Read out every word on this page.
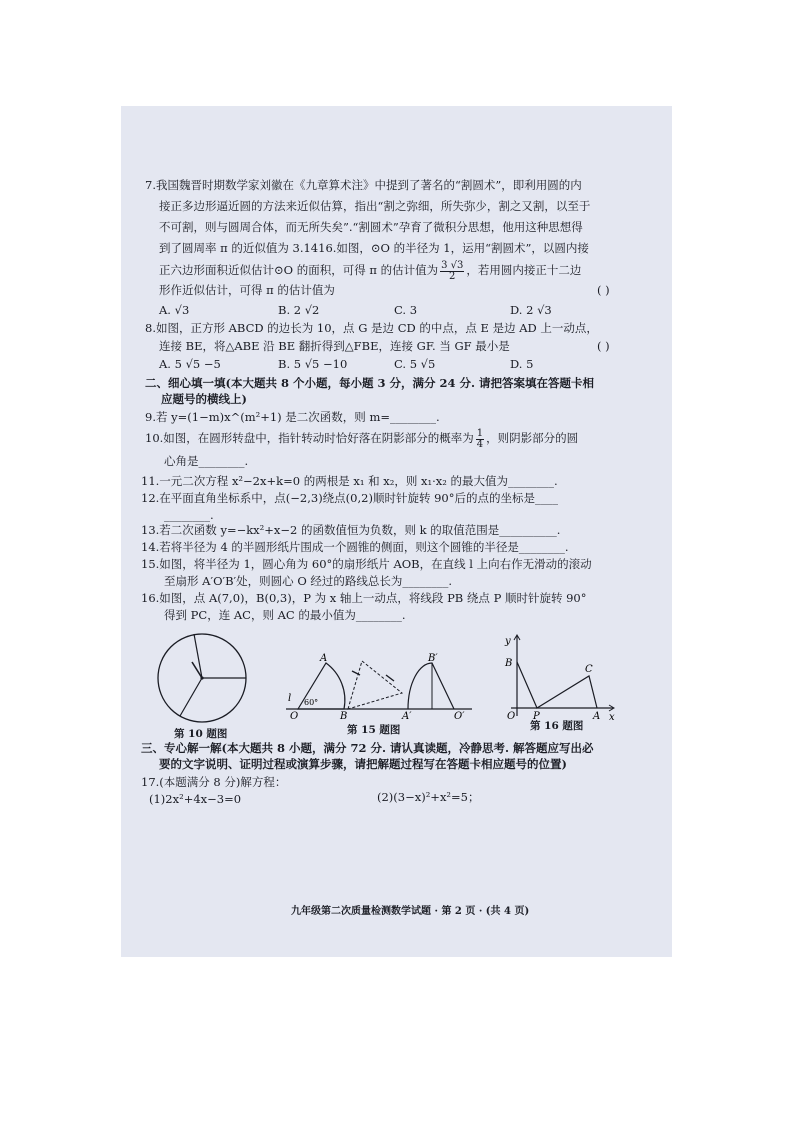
7.我国魏晋时期数学家刘徽在《九章算术注》中提到了著名的“割圆术”，即利用圆的内
接正多边形逼近圆的方法来近似估算，指出“割之弥细，所失弥少，割之又割，以至于
不可割，则与圆周合体，而无所失矣”.“割圆术”孕育了微积分思想，他用这种思想得
到了圆周率 π 的近似值为 3.1416.如图，⊙O 的半径为 1，运用“割圆术”，以圆内接
正六边形面积近似估计⊙O 的面积，可得 π 的估计值为 $\frac{3 √3}{2}$ ，若用圆内接正十二边
形作近似估计，可得 π 的估计值为	( )
A. √3	B. 2 √2	C. 3	D. 2 √3
8.如图，正方形 ABCD 的边长为 10，点 G 是边 CD 的中点，点 E 是边 AD 上一动点，
连接 BE，将△ABE 沿 BE 翻折得到△FBE，连接 GF. 当 GF 最小是	( )
A. 5 √5 −5	B. 5 √5 −10	C. 5 √5	D. 5
二、细心填一填(本大题共 8 个小题，每小题 3 分，满分 24 分. 请把答案填在答题卡相
应题号的横线上)
9.若 y=(1−m)x^(m²+1) 是二次函数，则 m=________.
10.如图，在圆形转盘中，指针转动时恰好落在阴影部分的概率为 $\frac{1}{4}$ ，则阴影部分的圆
心角是________.
11.一元二次方程 x²−2x+k=0 的两根是 x₁ 和 x₂，则 x₁·x₂ 的最大值为________.
12.在平面直角坐标系中，点(−2,3)绕点(0,2)顺时针旋转 90°后的点的坐标是____
________.
13.若二次函数 y=−kx²+x−2 的函数值恒为负数，则 k 的取值范围是__________.
14.若将半径为 4 的半圆形纸片围成一个圆锥的侧面，则这个圆锥的半径是________.
15.如图，将半径为 1，圆心角为 60°的扇形纸片 AOB，在直线 l 上向右作无滑动的滚动
至扇形 A′O′B′处，则圆心 O 经过的路线总长为________.
16.如图，点 A(7,0)，B(0,3)，P 为 x 轴上一动点，将线段 PB 绕点 P 顺时针旋转 90°
得到 PC，连 AC，则 AC 的最小值为________.
第 10 题图
A
B
O
B′
A′	O′
l 60°
第 15 题图
y
x
B
C
O P	A
第 16 题图
三、专心解一解(本大题共 8 小题，满分 72 分. 请认真读题，冷静思考. 解答题应写出必
要的文字说明、证明过程或演算步骤，请把解题过程写在答题卡相应题号的位置)
17.(本题满分 8 分)解方程：
(1)2x²+4x−3=0	(2)(3−x)²+x²=5；
九年级第二次质量检测数学试题 · 第 2 页 · (共 4 页)
